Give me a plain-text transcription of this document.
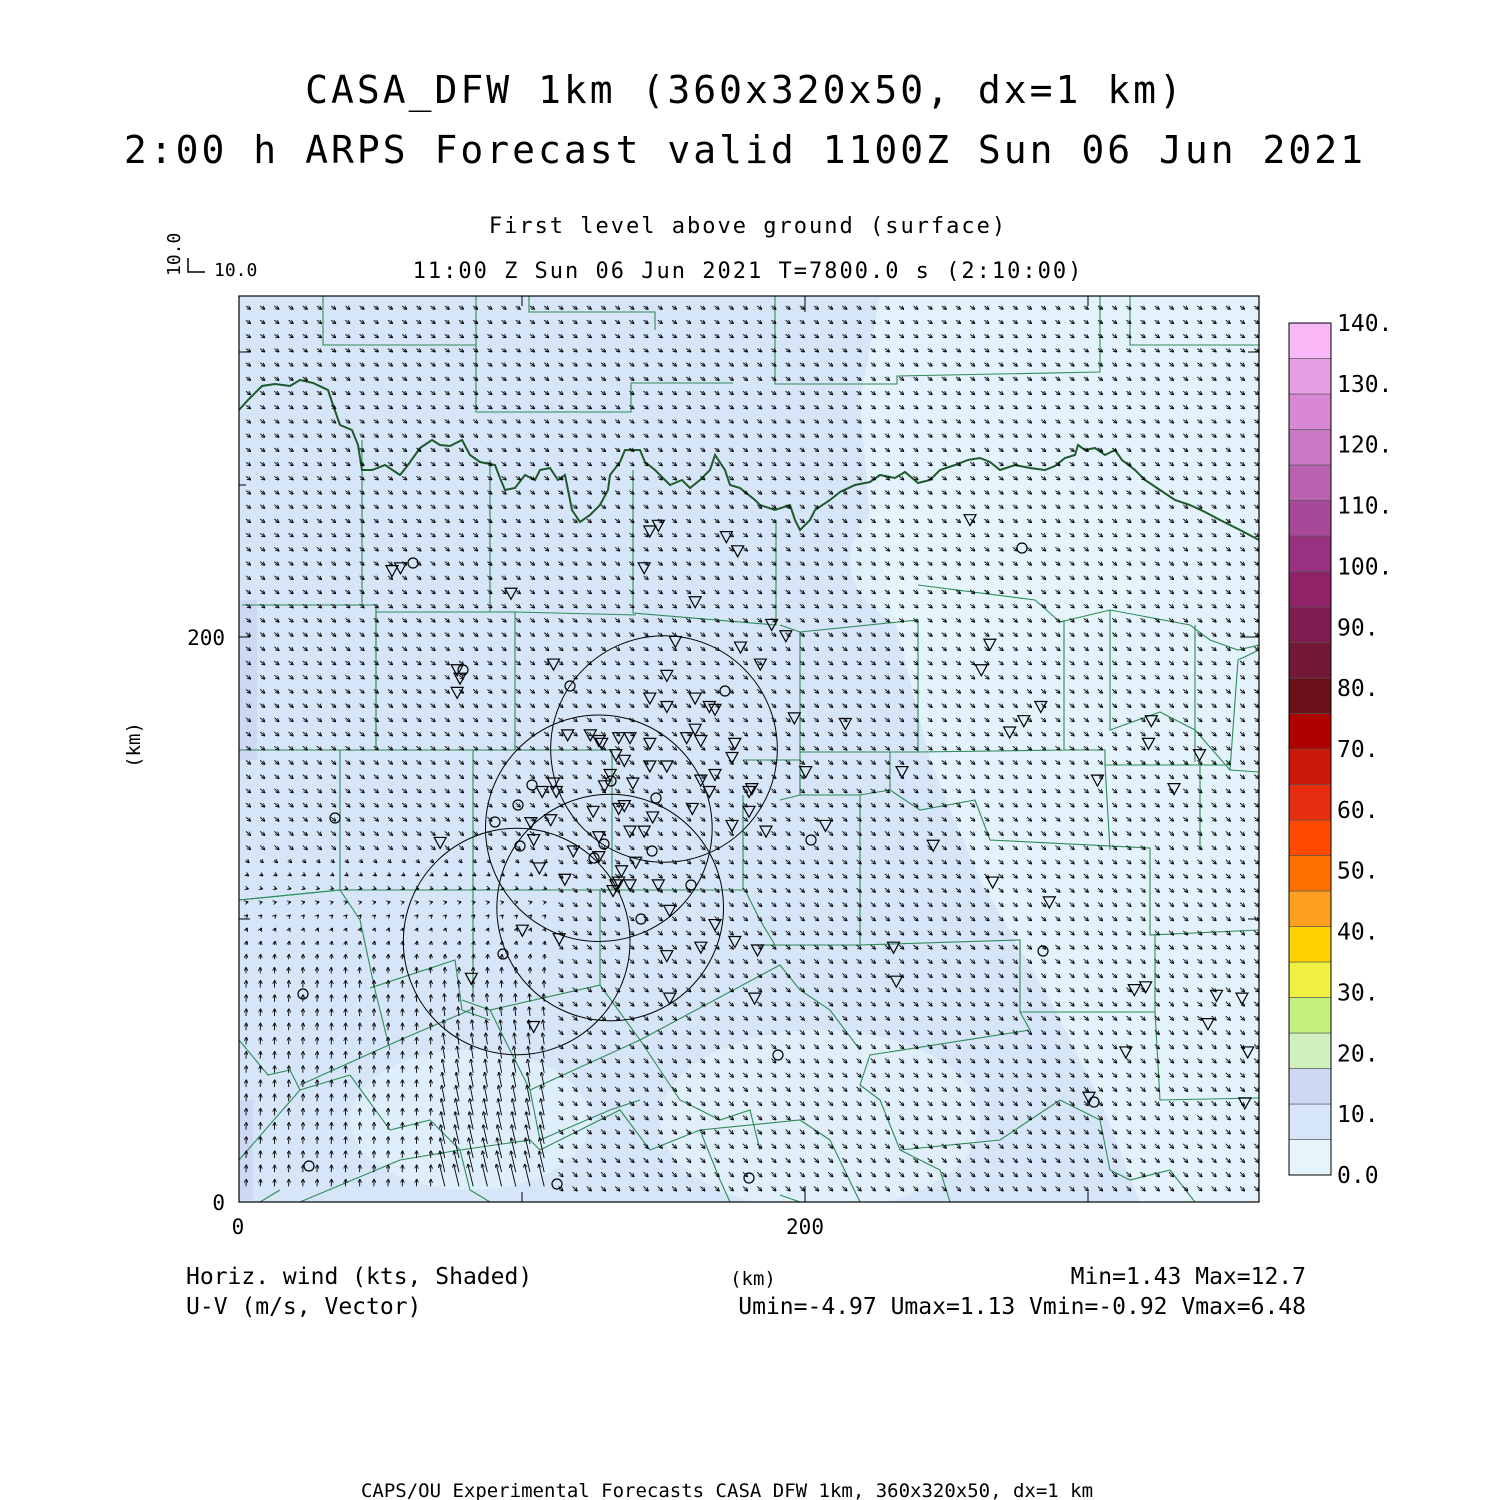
CASA_DFW 1km (360x320x50, dx=1 km)
2:00 h ARPS Forecast valid 1100Z Sun 06 Jun 2021
First level above ground (surface)
11:00 Z Sun 06 Jun 2021 T=7800.0 s (2:10:00)
10.0
10.0
200
0
0	200
(km)
(km)
0.0
10.
20.
30.
40.
50.
60.
70.
80.
90.
100.
110.
120.
130.
140.
Horiz. wind (kts, Shaded)
U-V (m/s, Vector)
Min=1.43 Max=12.7
Umin=-4.97 Umax=1.13 Vmin=-0.92 Vmax=6.48
CAPS/OU Experimental Forecasts CASA DFW 1km, 360x320x50, dx=1 km
